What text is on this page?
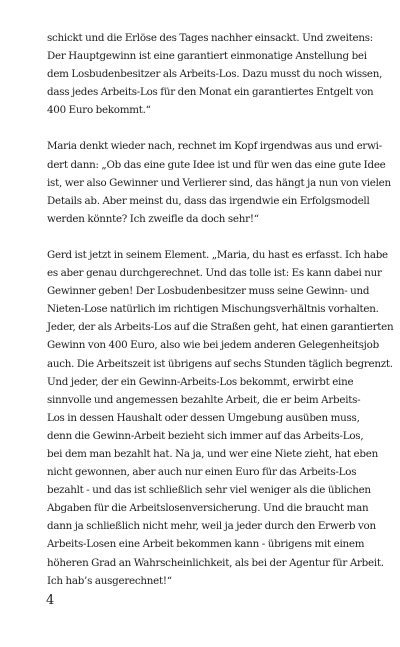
schickt und die Erlöse des Tages nachher einsackt. Und zweitens:
Der Hauptgewinn ist eine garantiert einmonatige Anstellung bei
dem Losbudenbesitzer als Arbeits-Los. Dazu musst du noch wissen,
dass jedes Arbeits-Los für den Monat ein garantiertes Entgelt von
400 Euro bekommt.“

Maria denkt wieder nach, rechnet im Kopf irgendwas aus und erwi-
dert dann: „Ob das eine gute Idee ist und für wen das eine gute Idee
ist, wer also Gewinner und Verlierer sind, das hängt ja nun von vielen
Details ab. Aber meinst du, dass das irgendwie ein Erfolgsmodell
werden könnte? Ich zweifle da doch sehr!“

Gerd ist jetzt in seinem Element. „Maria, du hast es erfasst. Ich habe
es aber genau durchgerechnet. Und das tolle ist: Es kann dabei nur
Gewinner geben! Der Losbudenbesitzer muss seine Gewinn- und
Nieten-Lose natürlich im richtigen Mischungsverhältnis vorhalten.
Jeder, der als Arbeits-Los auf die Straßen geht, hat einen garantierten
Gewinn von 400 Euro, also wie bei jedem anderen Gelegenheitsjob
auch. Die Arbeitszeit ist übrigens auf sechs Stunden täglich begrenzt.
Und jeder, der ein Gewinn-Arbeits-Los bekommt, erwirbt eine
sinnvolle und angemessen bezahlte Arbeit, die er beim Arbeits-
Los in dessen Haushalt oder dessen Umgebung ausüben muss,
denn die Gewinn-Arbeit bezieht sich immer auf das Arbeits-Los,
bei dem man bezahlt hat. Na ja, und wer eine Niete zieht, hat eben
nicht gewonnen, aber auch nur einen Euro für das Arbeits-Los
bezahlt - und das ist schließlich sehr viel weniger als die üblichen
Abgaben für die Arbeitslosenversicherung. Und die braucht man
dann ja schließlich nicht mehr, weil ja jeder durch den Erwerb von
Arbeits-Losen eine Arbeit bekommen kann - übrigens mit einem
höheren Grad an Wahrscheinlichkeit, als bei der Agentur für Arbeit.
Ich hab’s ausgerechnet!“

4
